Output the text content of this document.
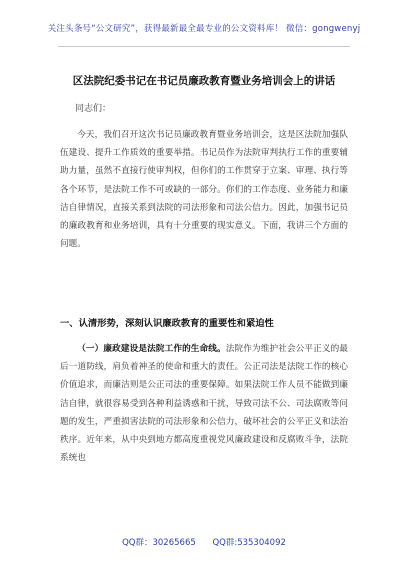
关注头条号“公文研究”，获得最新最全最专业的公文资料库！ 微信：gongwenyj
区法院纪委书记在书记员廉政教育暨业务培训会上的讲话
同志们：

今天，我们召开这次书记员廉政教育暨业务培训会，这是区法院加强队伍建设、提升工作质效的重要举措。书记员作为法院审判执行工作的重要辅助力量，虽然不直接行使审判权，但你们的工作贯穿于立案、审理、执行等各个环节，是法院工作不可或缺的一部分。你们的工作态度、业务能力和廉洁自律情况，直接关系到法院的司法形象和司法公信力。因此，加强书记员的廉政教育和业务培训，具有十分重要的现实意义。下面，我讲三个方面的问题。

一、认清形势，深刻认识廉政教育的重要性和紧迫性

（一）廉政建设是法院工作的生命线。法院作为维护社会公平正义的最后一道防线，肩负着神圣的使命和重大的责任。公正司法是法院工作的核心价值追求，而廉洁则是公正司法的重要保障。如果法院工作人员不能做到廉洁自律，就很容易受到各种利益诱惑和干扰，导致司法不公、司法腐败等问题的发生，严重损害法院的司法形象和公信力，破坏社会的公平正义和法治秩序。近年来，从中央到地方都高度重视党风廉政建设和反腐败斗争，法院系统也

QQ群：30265665 QQ群:535304092
